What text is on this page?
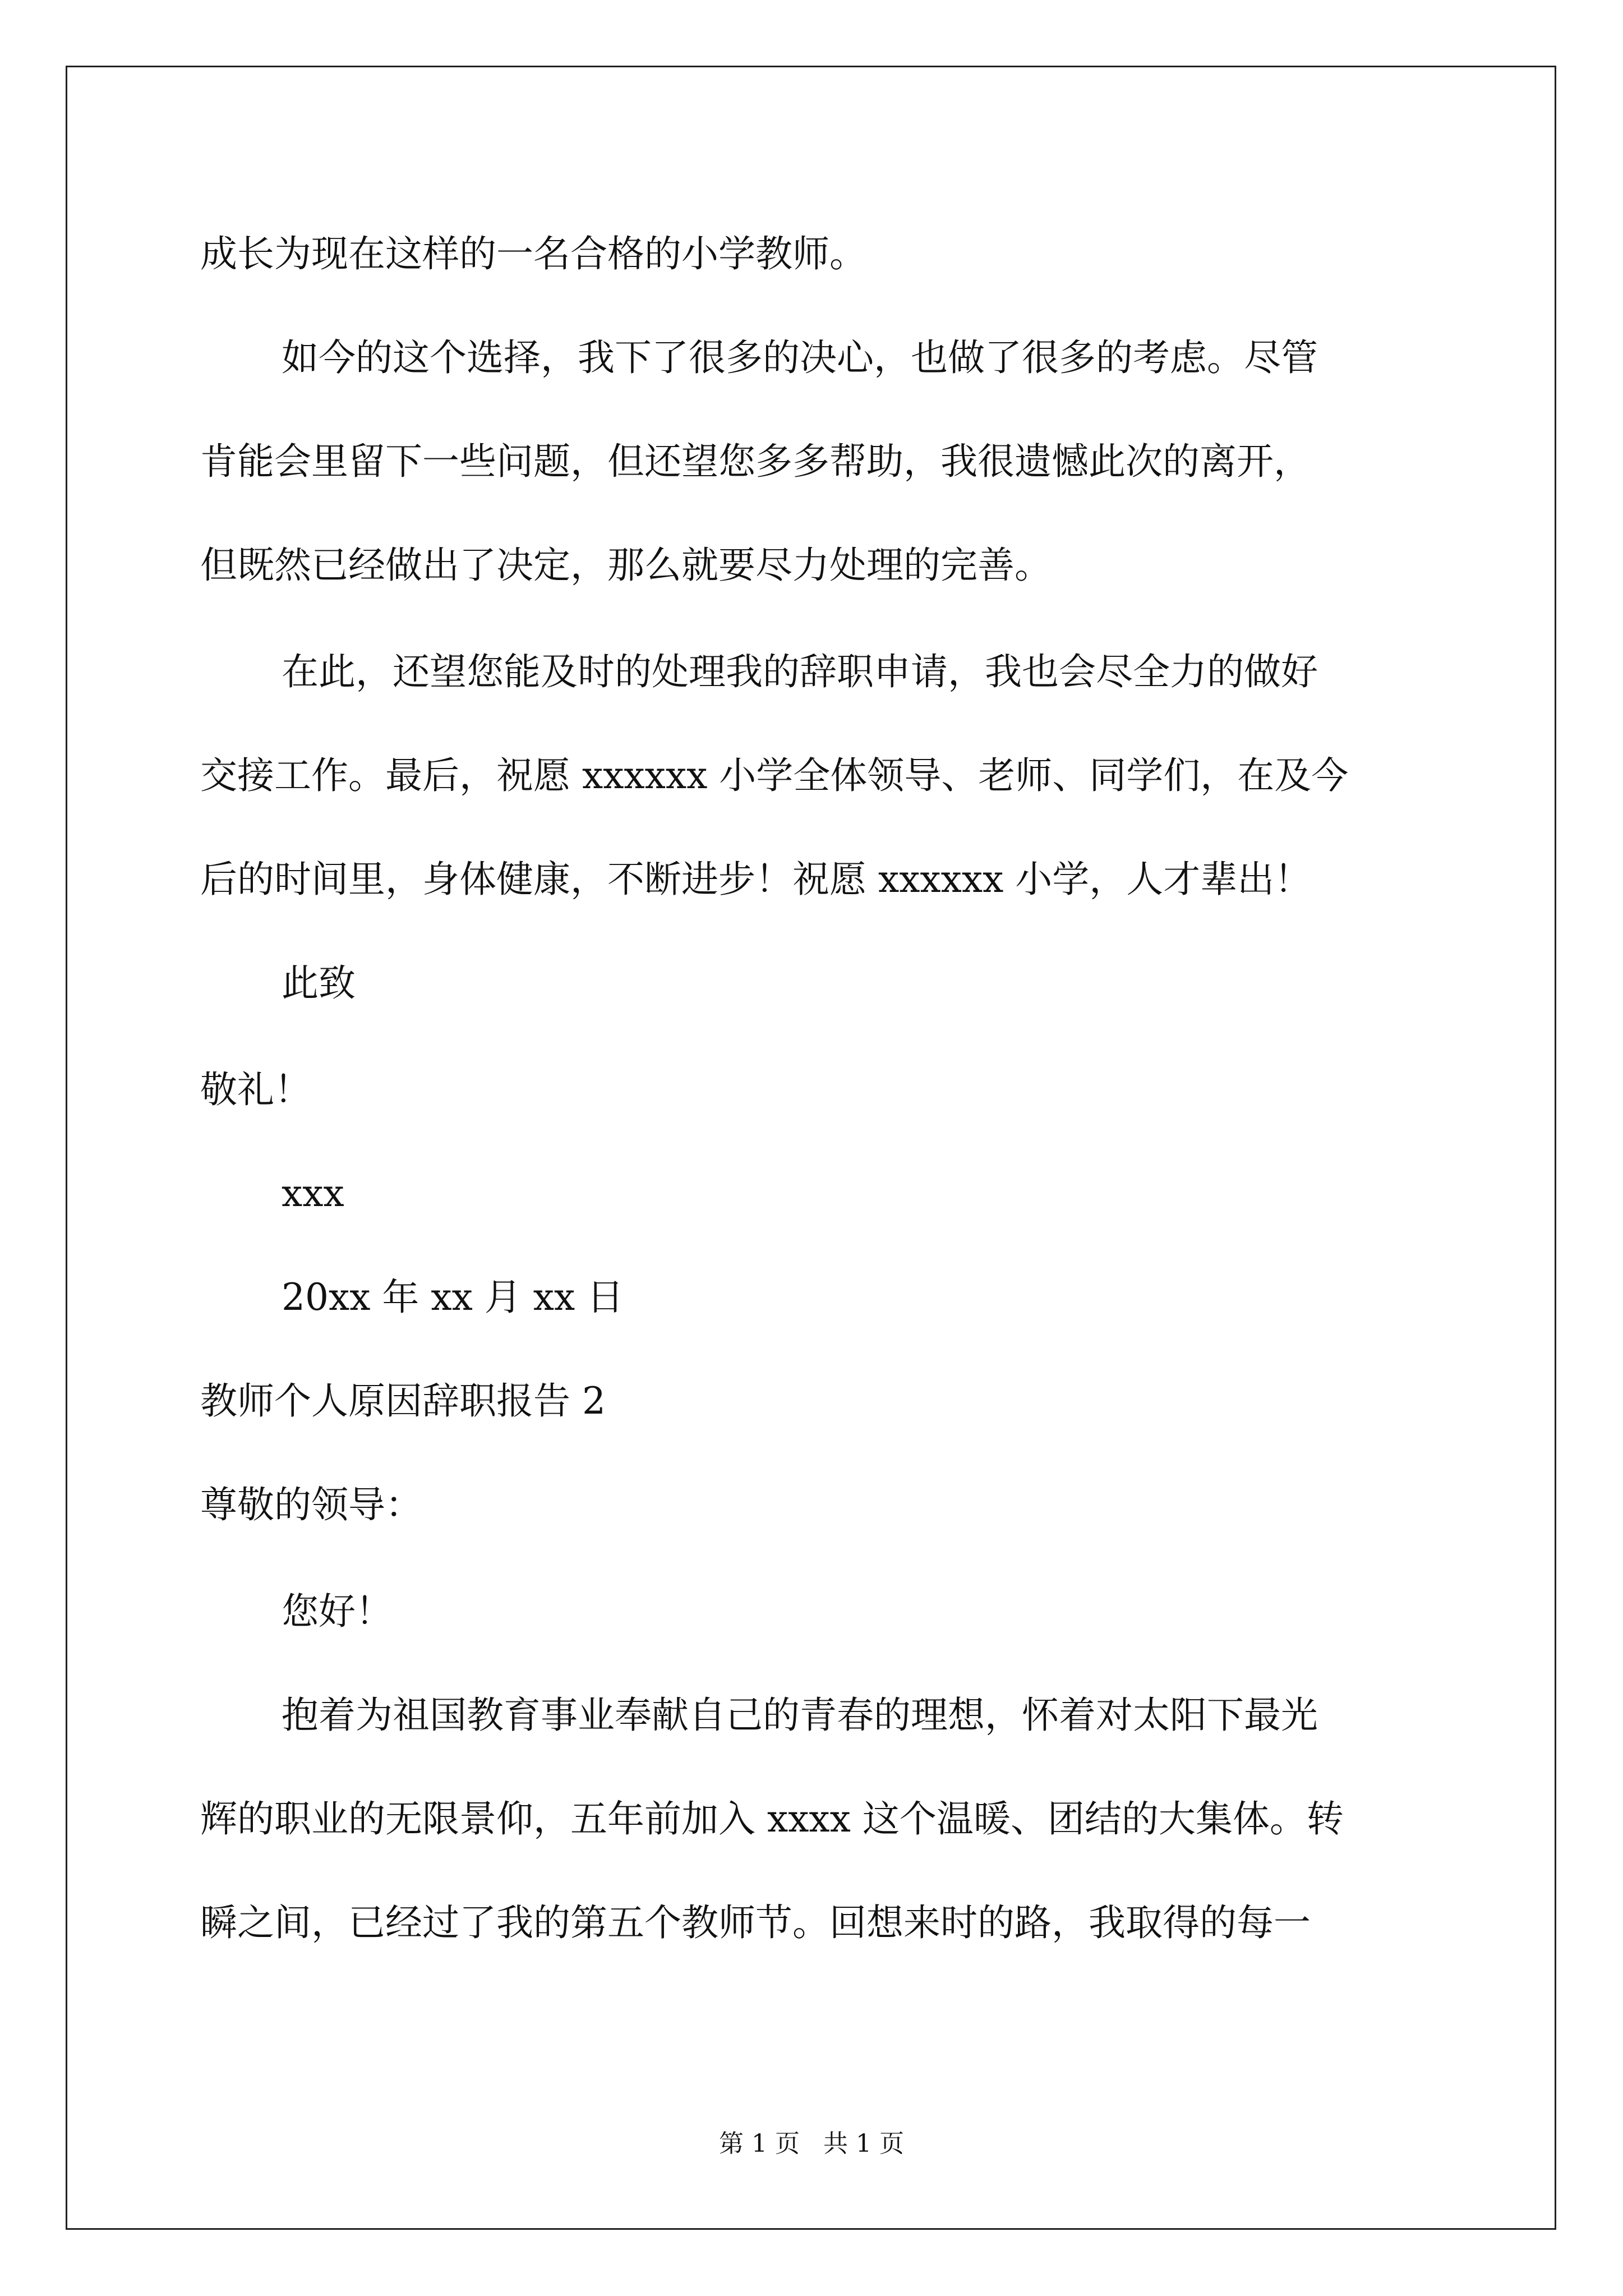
成长为现在这样的一名合格的小学教师。
如今的这个选择，我下了很多的决心，也做了很多的考虑。尽管
肯能会里留下一些问题，但还望您多多帮助，我很遗憾此次的离开，
但既然已经做出了决定，那么就要尽力处理的完善。
在此，还望您能及时的处理我的辞职申请，我也会尽全力的做好
交接工作。最后，祝愿 xxxxxx 小学全体领导、老师、同学们，在及今
后的时间里，身体健康，不断进步！祝愿 xxxxxx 小学，人才辈出！
此致
敬礼！
xxx
20xx 年 xx 月 xx 日
教师个人原因辞职报告 2
尊敬的领导：
您好！
抱着为祖国教育事业奉献自己的青春的理想，怀着对太阳下最光
辉的职业的无限景仰，五年前加入 xxxx 这个温暖、团结的大集体。转
瞬之间，已经过了我的第五个教师节。回想来时的路，我取得的每一
第 1 页   共 1 页
